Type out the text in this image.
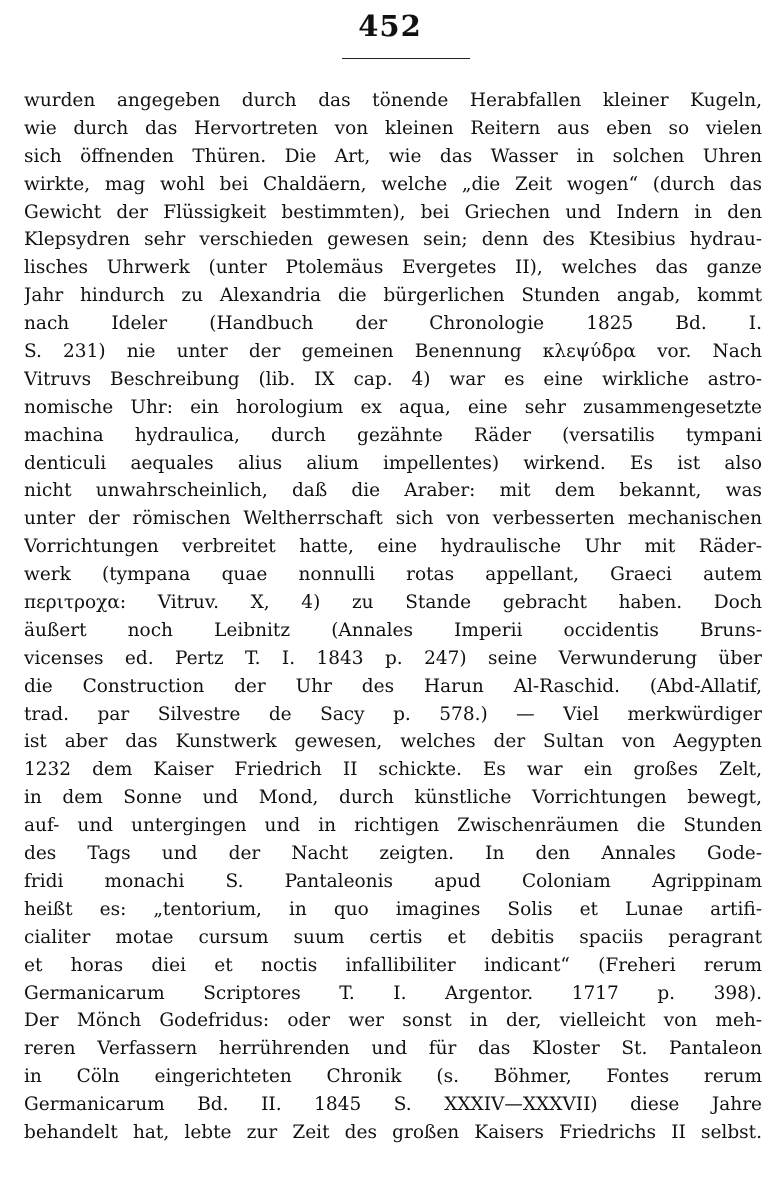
452
wurden angegeben durch das tönende Herabfallen kleiner Kugeln,
wie durch das Hervortreten von kleinen Reitern aus eben so vielen
sich öffnenden Thüren. Die Art, wie das Wasser in solchen Uhren
wirkte, mag wohl bei Chaldäern, welche „die Zeit wogen“ (durch das
Gewicht der Flüssigkeit bestimmten), bei Griechen und Indern in den
Klepsydren sehr verschieden gewesen sein; denn des Ktesibius hydrau-
lisches Uhrwerk (unter Ptolemäus Evergetes II), welches das ganze
Jahr hindurch zu Alexandria die bürgerlichen Stunden angab, kommt
nach Ideler (Handbuch der Chronologie 1825 Bd. I.
S. 231) nie unter der gemeinen Benennung κλεψύδρα vor. Nach
Vitruvs Beschreibung (lib. IX cap. 4) war es eine wirkliche astro-
nomische Uhr: ein horologium ex aqua, eine sehr zusammengesetzte
machina hydraulica, durch gezähnte Räder (versatilis tympani
denticuli aequales alius alium impellentes) wirkend. Es ist also
nicht unwahrscheinlich, daß die Araber: mit dem bekannt, was
unter der römischen Weltherrschaft sich von verbesserten mechanischen
Vorrichtungen verbreitet hatte, eine hydraulische Uhr mit Räder-
werk (tympana quae nonnulli rotas appellant, Graeci autem
περιτροχα: Vitruv. X, 4) zu Stande gebracht haben. Doch
äußert noch Leibnitz (Annales Imperii occidentis Bruns-
vicenses ed. Pertz T. I. 1843 p. 247) seine Verwunderung über
die Construction der Uhr des Harun Al-Raschid. (Abd-Allatif,
trad. par Silvestre de Sacy p. 578.) — Viel merkwürdiger
ist aber das Kunstwerk gewesen, welches der Sultan von Aegypten
1232 dem Kaiser Friedrich II schickte. Es war ein großes Zelt,
in dem Sonne und Mond, durch künstliche Vorrichtungen bewegt,
auf- und untergingen und in richtigen Zwischenräumen die Stunden
des Tags und der Nacht zeigten. In den Annales Gode-
fridi monachi S. Pantaleonis apud Coloniam Agrippinam
heißt es: „tentorium, in quo imagines Solis et Lunae artifi-
cialiter motae cursum suum certis et debitis spaciis peragrant
et horas diei et noctis infallibiliter indicant“ (Freheri rerum
Germanicarum Scriptores T. I. Argentor. 1717 p. 398).
Der Mönch Godefridus: oder wer sonst in der, vielleicht von meh-
reren Verfassern herrührenden und für das Kloster St. Pantaleon
in Cöln eingerichteten Chronik (s. Böhmer, Fontes rerum
Germanicarum Bd. II. 1845 S. XXXIV—XXXVII) diese Jahre
behandelt hat, lebte zur Zeit des großen Kaisers Friedrichs II selbst.
